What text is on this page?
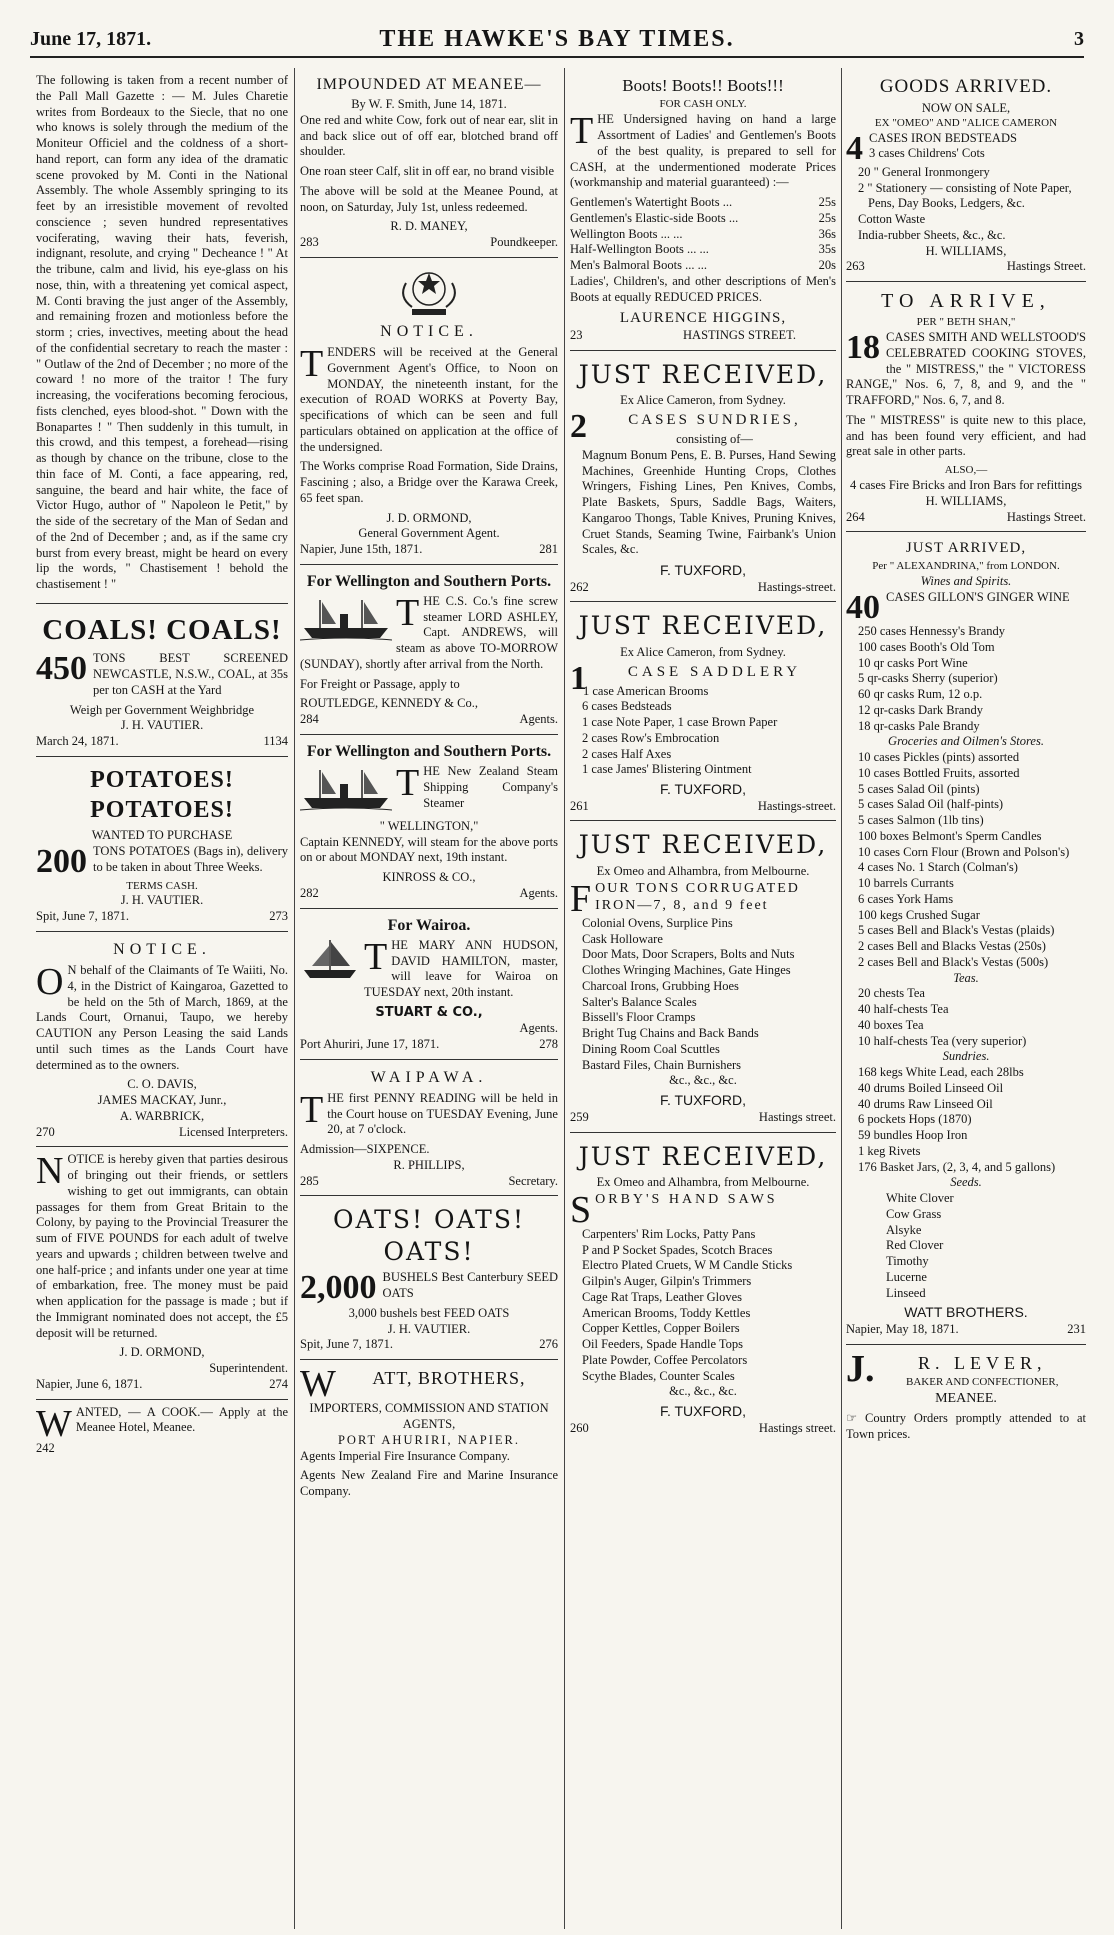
June 17, 1871.	THE HAWKE'S BAY TIMES.	3

The following is taken from a recent number of the Pall Mall Gazette : — M. Jules Charetie writes from Bordeaux to the Siecle, that no one who knows is solely through the medium of the Moniteur Officiel and the coldness of a short-hand report, can form any idea of the dramatic scene provoked by M. Conti in the National Assembly. The whole Assembly springing to its feet by an irresistible movement of revolted conscience ; seven hundred representatives vociferating, waving their hats, feverish, indignant, resolute, and crying " Decheance ! " At the tribune, calm and livid, his eye-glass on his nose, thin, with a threatening yet comical aspect, M. Conti braving the just anger of the Assembly, and remaining frozen and motionless before the storm ; cries, invectives, meeting about the head of the confidential secretary to reach the master : " Outlaw of the 2nd of December ; no more of the coward ! no more of the traitor ! The fury increasing, the vociferations becoming ferocious, fists clenched, eyes blood-shot. " Down with the Bonapartes ! " Then suddenly in this tumult, in this crowd, and this tempest, a forehead—rising as though by chance on the tribune, close to the thin face of M. Conti, a face appearing, red, sanguine, the beard and hair white, the face of Victor Hugo, author of " Napoleon le Petit," by the side of the secretary of the Man of Sedan and of the 2nd of December ; and, as if the same cry burst from every breast, might be heard on every lip the words, " Chastisement ! behold the chastisement ! "

COALS! COALS!
450 TONS BEST SCREENED NEWCASTLE, N.S.W., COAL, at 35s per ton CASH at the Yard

Weigh per Government Weighbridge
J. H. VAUTIER.
March 24, 1871.	1134
POTATOES! POTATOES!
WANTED TO PURCHASE
200 TONS POTATOES (Bags in), delivery to be taken in about Three Weeks.

TERMS CASH.
J. H. VAUTIER.
Spit, June 7, 1871.	273
NOTICE.
O N behalf of the Claimants of Te Waiiti, No. 4, in the District of Kaingaroa, Gazetted to be held on the 5th of March, 1869, at the Lands Court, Ornanui, Taupo, we hereby CAUTION any Person Leasing the said Lands until such times as the Lands Court have determined as to the owners.

C. O. DAVIS,
JAMES MACKAY, Junr.,
A. WARBRICK,
270	Licensed Interpreters.
N OTICE is hereby given that parties desirous of bringing out their friends, or settlers wishing to get out immigrants, can obtain passages for them from Great Britain to the Colony, by paying to the Provincial Treasurer the sum of FIVE POUNDS for each adult of twelve years and upwards ; children between twelve and one half-price ; and infants under one year at time of embarkation, free. The money must be paid when application for the passage is made ; but if the Immigrant nominated does not accept, the £5 deposit will be returned.

J. D. ORMOND,
Superintendent.
Napier, June 6, 1871.	274
W ANTED, — A COOK.— Apply at the Meanee Hotel, Meanee.

242
IMPOUNDED AT MEANEE—
By W. F. Smith, June 14, 1871.

One red and white Cow, fork out of near ear, slit in and back slice out of off ear, blotched brand off shoulder.

One roan steer Calf, slit in off ear, no brand visible

The above will be sold at the Meanee Pound, at noon, on Saturday, July 1st, unless redeemed.

R. D. MANEY,
283	Poundkeeper.
NOTICE.
T ENDERS will be received at the General Government Agent's Office, to Noon on MONDAY, the nineteenth instant, for the execution of ROAD WORKS at Poverty Bay, specifications of which can be seen and full particulars obtained on application at the office of the undersigned.

The Works comprise Road Formation, Side Drains, Fascining ; also, a Bridge over the Karawa Creek, 65 feet span.

J. D. ORMOND,
General Government Agent.
Napier, June 15th, 1871.	281
For Wellington and Southern Ports.
T HE C.S. Co.'s fine screw steamer LORD ASHLEY, Capt. ANDREWS, will steam as above TO-MORROW (SUNDAY), shortly after arrival from the North.

For Freight or Passage, apply to

ROUTLEDGE, KENNEDY & Co.,
284	Agents.
For Wellington and Southern Ports.
T HE New Zealand Steam Shipping Company's Steamer

" WELLINGTON,"

Captain KENNEDY, will steam for the above ports on or about MONDAY next, 19th instant.

KINROSS & CO.,
282	Agents.
For Wairoa.
T HE MARY ANN HUDSON, DAVID HAMILTON, master, will leave for Wairoa on TUESDAY next, 20th instant.

STUART & CO.,
Agents.
Port Ahuriri, June 17, 1871.	278
WAIPAWA.
T HE first PENNY READING will be held in the Court house on TUESDAY Evening, June 20, at 7 o'clock.

Admission—SIXPENCE.
R. PHILLIPS,
285	Secretary.
OATS! OATS! OATS!
2,000 BUSHELS Best Canterbury SEED OATS

3,000 bushels best FEED OATS
J. H. VAUTIER.
Spit, June 7, 1871.	276
W	ATT, BROTHERS,
IMPORTERS, COMMISSION AND STATION AGENTS,
PORT AHURIRI, NAPIER.

Agents Imperial Fire Insurance Company.

Agents New Zealand Fire and Marine Insurance Company.

Boots! Boots!! Boots!!!
FOR CASH ONLY.
T HE Undersigned having on hand a large Assortment of Ladies' and Gentlemen's Boots of the best quality, is prepared to sell for CASH, at the undermentioned moderate Prices (workmanship and material guaranteed) :—

Gentlemen's Watertight Boots ...	25s
Gentlemen's Elastic-side Boots ...	25s
Wellington Boots ... ...	36s
Half-Wellington Boots ... ...	35s
Men's Balmoral Boots ... ...	20s

Ladies', Children's, and other descriptions of Men's Boots at equally REDUCED PRICES.

LAURENCE HIGGINS,
23	HASTINGS STREET.
JUST RECEIVED,
Ex Alice Cameron, from Sydney.
2	CASES SUNDRIES,
consisting of—

Magnum Bonum Pens, E. B. Purses, Hand Sewing Machines, Greenhide Hunting Crops, Clothes Wringers, Fishing Lines, Pen Knives, Combs, Plate Baskets, Spurs, Saddle Bags, Waiters, Kangaroo Thongs, Table Knives, Pruning Knives, Cruet Stands, Seaming Twine, Fairbank's Union Scales, &c.

F. TUXFORD,
262	Hastings-street.
JUST RECEIVED,
Ex Alice Cameron, from Sydney.
1	CASE SADDLERY
1 case American Brooms
6 cases Bedsteads
1 case Note Paper, 1 case Brown Paper
2 cases Row's Embrocation
2 cases Half Axes
1 case James' Blistering Ointment
F. TUXFORD,
261	Hastings-street.
JUST RECEIVED,
Ex Omeo and Alhambra, from Melbourne.
F OUR TONS CORRUGATED IRON—7, 8, and 9 feet
Colonial Ovens, Surplice Pins
Cask Holloware
Door Mats, Door Scrapers, Bolts and Nuts
Clothes Wringing Machines, Gate Hinges
Charcoal Irons, Grubbing Hoes
Salter's Balance Scales
Bissell's Floor Cramps
Bright Tug Chains and Back Bands
Dining Room Coal Scuttles
Bastard Files, Chain Burnishers
&c., &c., &c.
F. TUXFORD,
259	Hastings street.
JUST RECEIVED,
Ex Omeo and Alhambra, from Melbourne.
S ORBY'S HAND SAWS
Carpenters' Rim Locks, Patty Pans
P and P Socket Spades, Scotch Braces
Electro Plated Cruets, W M Candle Sticks
Gilpin's Auger, Gilpin's Trimmers
Cage Rat Traps, Leather Gloves
American Brooms, Toddy Kettles
Copper Kettles, Copper Boilers
Oil Feeders, Spade Handle Tops
Plate Powder, Coffee Percolators
Scythe Blades, Counter Scales
&c., &c., &c.
F. TUXFORD,
260	Hastings street.
GOODS ARRIVED.
NOW ON SALE,
EX "OMEO" AND "ALICE CAMERON
4 CASES IRON BEDSTEADS
3 cases Childrens' Cots
20 " General Ironmongery
2 " Stationery — consisting of Note Paper, Pens, Day Books, Ledgers, &c.
Cotton Waste
India-rubber Sheets, &c., &c.
H. WILLIAMS,
263	Hastings Street.
TO ARRIVE,
PER " BETH SHAN,"
18 CASES SMITH AND WELLSTOOD'S CELEBRATED COOKING STOVES, the " MISTRESS," the " VICTORESS RANGE," Nos. 6, 7, 8, and 9, and the " TRAFFORD," Nos. 6, 7, and 8.

The " MISTRESS" is quite new to this place, and has been found very efficient, and had great sale in other parts.

ALSO,—
4 cases Fire Bricks and Iron Bars for refittings
H. WILLIAMS,
264	Hastings Street.
JUST ARRIVED,
Per " ALEXANDRINA," from LONDON.
Wines and Spirits.
40 CASES GILLON'S GINGER WINE
250 cases Hennessy's Brandy
100 cases Booth's Old Tom
10 qr casks Port Wine
5 qr-casks Sherry (superior)
60 qr casks Rum, 12 o.p.
12 qr-casks Dark Brandy
18 qr-casks Pale Brandy
Groceries and Oilmen's Stores.
10 cases Pickles (pints) assorted
10 cases Bottled Fruits, assorted
5 cases Salad Oil (pints)
5 cases Salad Oil (half-pints)
5 cases Salmon (1lb tins)
100 boxes Belmont's Sperm Candles
10 cases Corn Flour (Brown and Polson's)
4 cases No. 1 Starch (Colman's)
10 barrels Currants
6 cases York Hams
100 kegs Crushed Sugar
5 cases Bell and Black's Vestas (plaids)
2 cases Bell and Blacks Vestas (250s)
2 cases Bell and Black's Vestas (500s)
Teas.
20 chests Tea
40 half-chests Tea
40 boxes Tea
10 half-chests Tea (very superior)
Sundries.
168 kegs White Lead, each 28lbs
40 drums Boiled Linseed Oil
40 drums Raw Linseed Oil
6 pockets Hops (1870)
59 bundles Hoop Iron
1 keg Rivets
176 Basket Jars, (2, 3, 4, and 5 gallons)
Seeds.
White Clover
Cow Grass
Alsyke
Red Clover
Timothy
Lucerne
Linseed
WATT BROTHERS.
Napier, May 18, 1871.	231
J.	R. LEVER,
BAKER AND CONFECTIONER,
MEANEE.

☞ Country Orders promptly attended to at Town prices.
